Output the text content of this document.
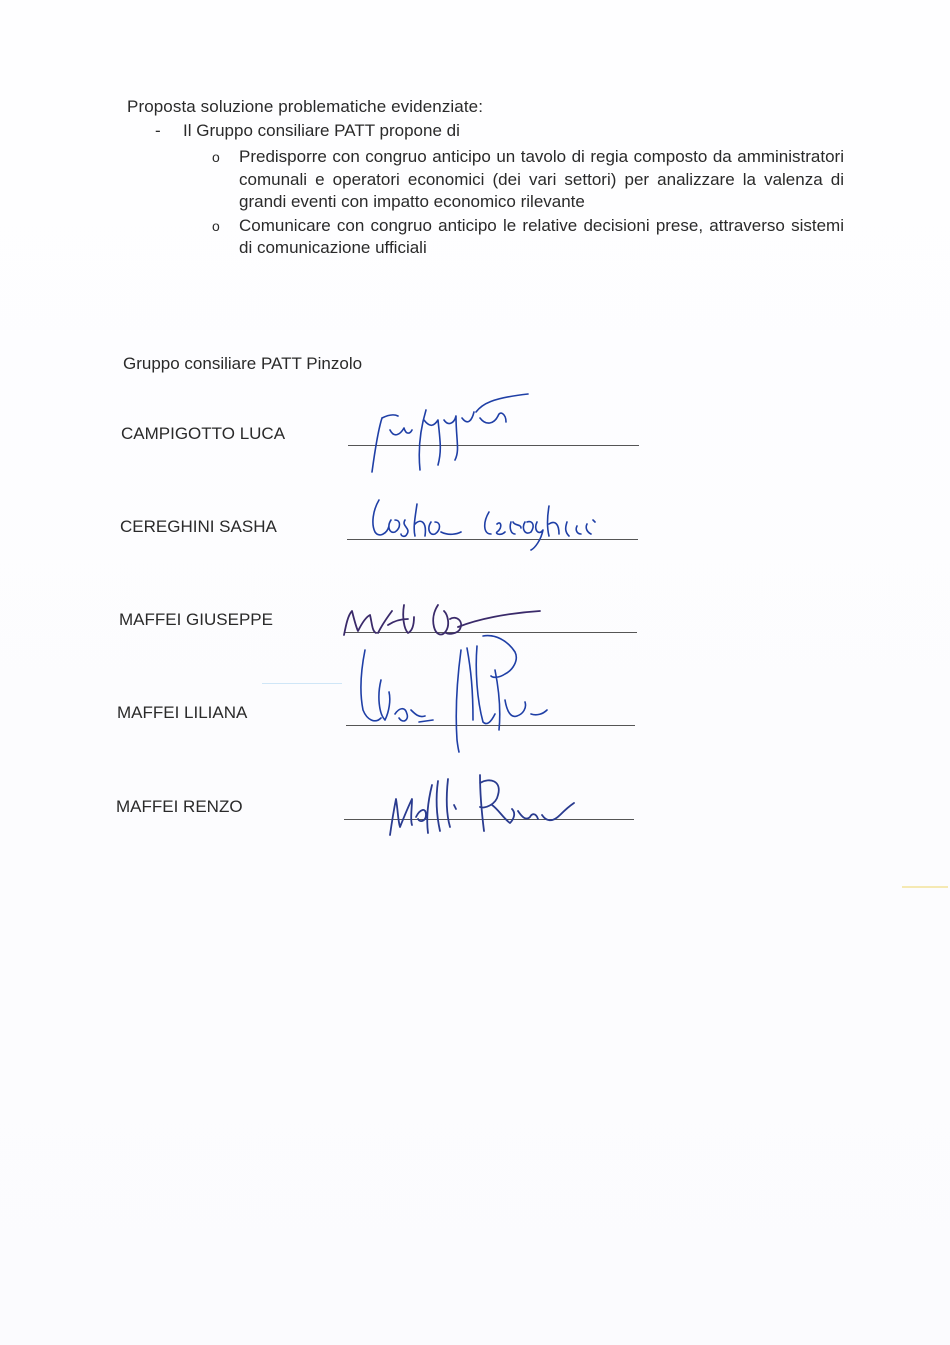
Proposta soluzione problematiche evidenziate:
- Il Gruppo consiliare PATT propone di
o Predisporre con congruo anticipo un tavolo di regia composto da amministratori comunali e operatori economici (dei vari settori) per analizzare la valenza di grandi eventi con impatto economico rilevante
o Comunicare con congruo anticipo le relative decisioni prese, attraverso sistemi di comunicazione ufficiali
Gruppo consiliare PATT Pinzolo
CAMPIGOTTO LUCA
CEREGHINI SASHA
MAFFEI GIUSEPPE
MAFFEI LILIANA
MAFFEI RENZO
